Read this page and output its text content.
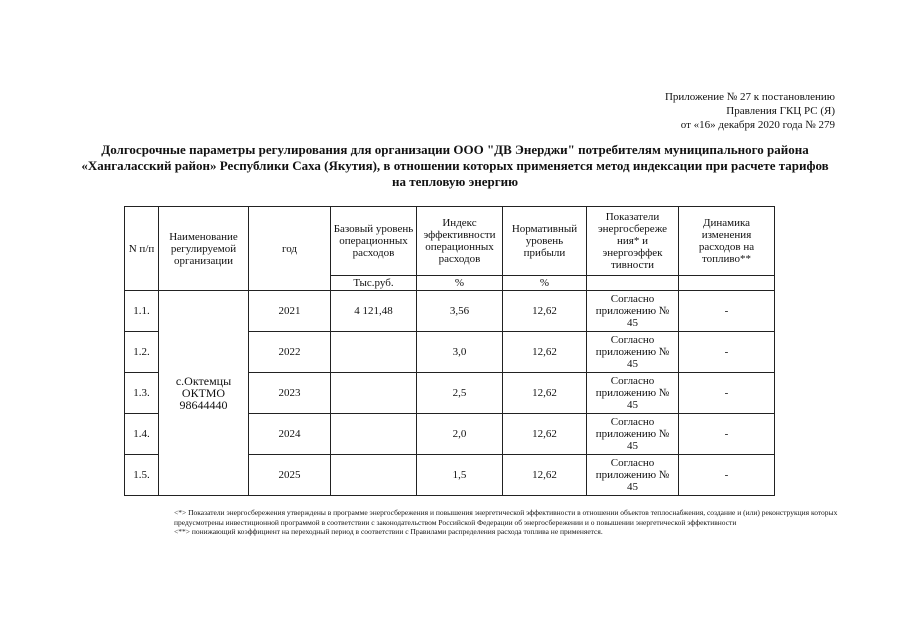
Приложение № 27 к постановлению
Правления ГКЦ РС (Я)
от «16» декабря 2020 года № 279
Долгосрочные параметры регулирования для организации ООО "ДВ Энерджи" потребителям муниципального района «Хангаласский район» Республики Саха (Якутия), в отношении которых применяется метод индексации при расчете тарифов на тепловую энергию
N п/п	Наименование регулируемой организации	год	Базовый уровень операционных расходов	Индекс эффективности операционных расходов	Нормативный уровень прибыли	Показатели энергосбереже ния* и энергоэффек тивности	Динамика изменения расходов на топливо**
			Тыс.руб.	%	%		
1.1.	с.Октемцы
ОКТМО
98644440	2021	4 121,48	3,56	12,62	Согласно приложению № 45	-
1.2.		2022		3,0	12,62	Согласно приложению № 45	-
1.3.		2023		2,5	12,62	Согласно приложению № 45	-
1.4.		2024		2,0	12,62	Согласно приложению № 45	-
1.5.		2025		1,5	12,62	Согласно приложению № 45	-

<*> Показатели энергосбережения утверждены в программе энергосбережения и повышения энергетической эффективности в отношении объектов теплоснабжения, создание и (или) реконструкция которых предусмотрены инвестиционной программой в соответствии с законодательством Российской Федерации об энергосбережении и о повышении энергетической эффективности

<**> понижающий коэффициент на переходный период в соответствии с Правилами распределения расхода топлива не применяется.
